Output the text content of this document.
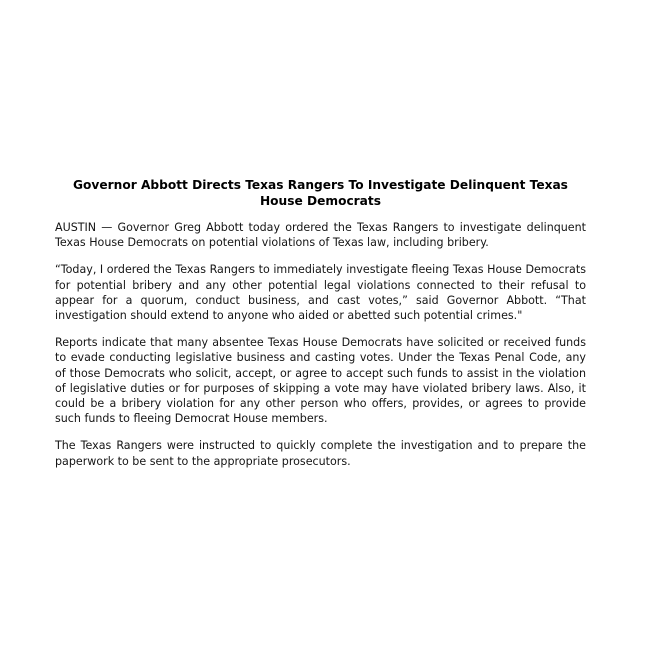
Governor Abbott Directs Texas Rangers To Investigate Delinquent Texas House Democrats

AUSTIN — Governor Greg Abbott today ordered the Texas Rangers to investigate delinquent Texas House Democrats on potential violations of Texas law, including bribery.

“Today, I ordered the Texas Rangers to immediately investigate fleeing Texas House Democrats for potential bribery and any other potential legal violations connected to their refusal to appear for a quorum, conduct business, and cast votes,” said Governor Abbott. “That investigation should extend to anyone who aided or abetted such potential crimes."

Reports indicate that many absentee Texas House Democrats have solicited or received funds to evade conducting legislative business and casting votes. Under the Texas Penal Code, any of those Democrats who solicit, accept, or agree to accept such funds to assist in the violation of legislative duties or for purposes of skipping a vote may have violated bribery laws. Also, it could be a bribery violation for any other person who offers, provides, or agrees to provide such funds to fleeing Democrat House members.

The Texas Rangers were instructed to quickly complete the investigation and to prepare the paperwork to be sent to the appropriate prosecutors.
